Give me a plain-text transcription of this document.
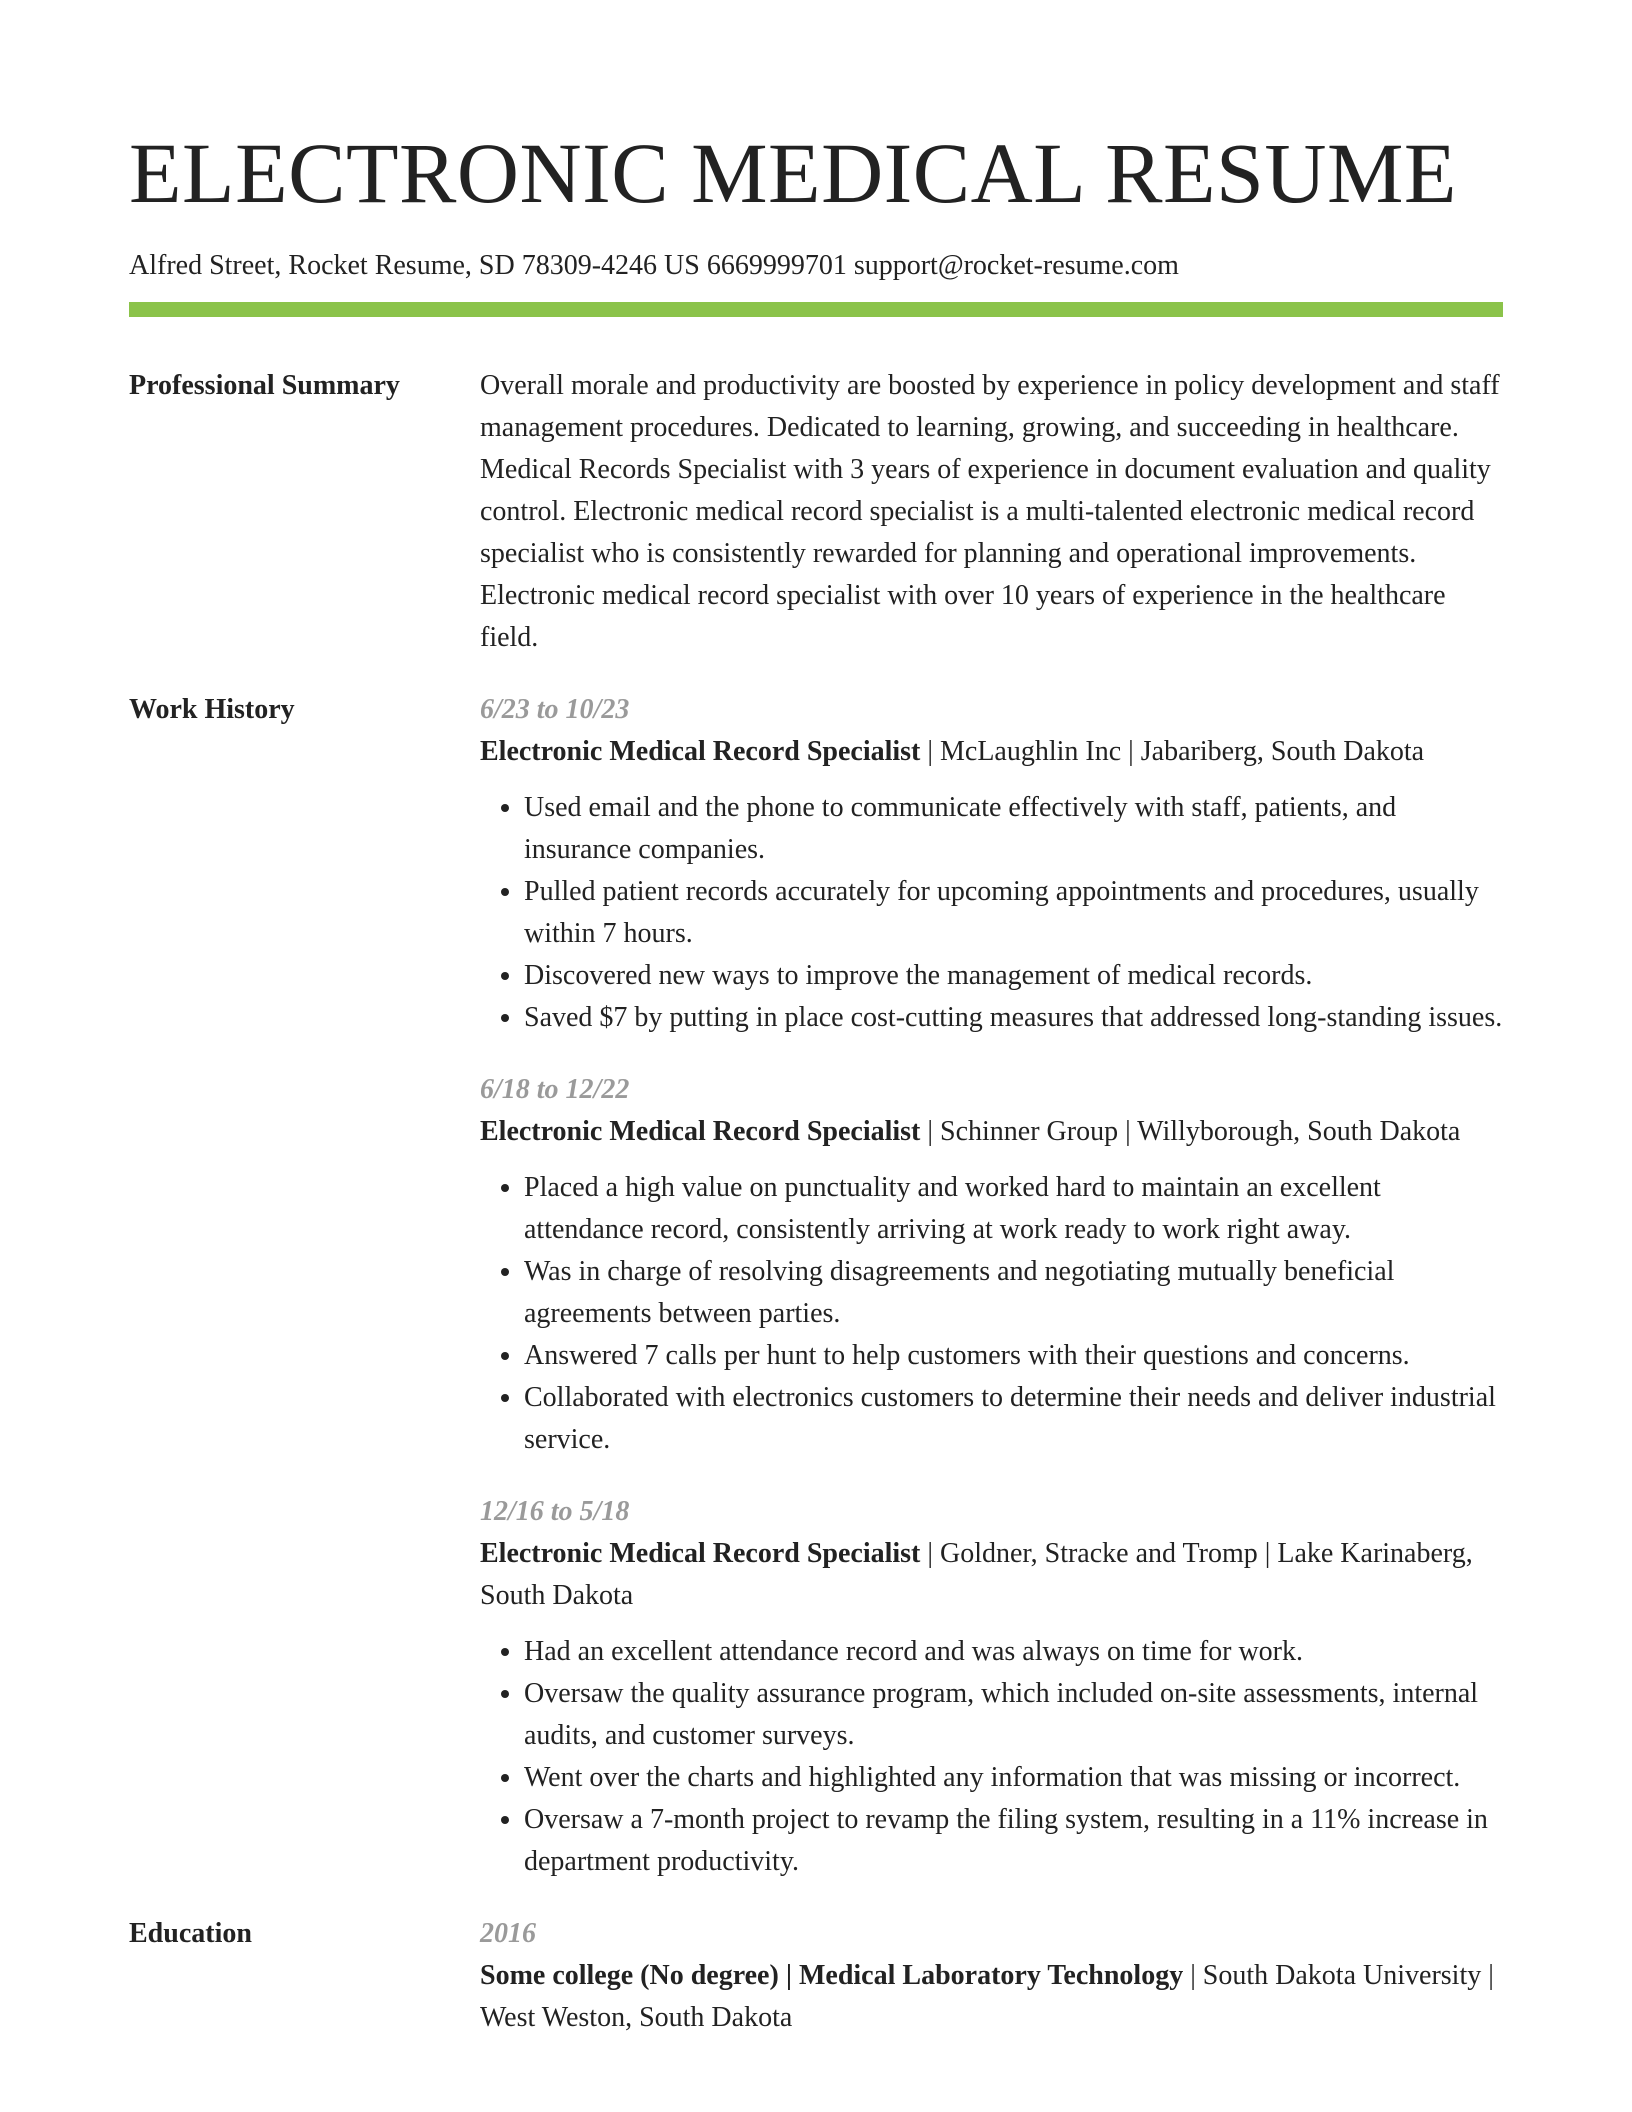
ELECTRONIC MEDICAL RESUME
Alfred Street, Rocket Resume, SD 78309-4246 US 6669999701 support@rocket-resume.com
Professional Summary	Overall morale and productivity are boosted by experience in policy development and staff management procedures. Dedicated to learning, growing, and succeeding in healthcare. Medical Records Specialist with 3 years of experience in document evaluation and quality control. Electronic medical record specialist is a multi-talented electronic medical record specialist who is consistently rewarded for planning and operational improvements. Electronic medical record specialist with over 10 years of experience in the healthcare field.
Work History	6/23 to 10/23
Electronic Medical Record Specialist | McLaughlin Inc | Jabariberg, South Dakota
• Used email and the phone to communicate effectively with staff, patients, and insurance companies.
• Pulled patient records accurately for upcoming appointments and procedures, usually within 7 hours.
• Discovered new ways to improve the management of medical records.
• Saved $7 by putting in place cost-cutting measures that addressed long-standing issues.
6/18 to 12/22
Electronic Medical Record Specialist | Schinner Group | Willyborough, South Dakota
• Placed a high value on punctuality and worked hard to maintain an excellent attendance record, consistently arriving at work ready to work right away.
• Was in charge of resolving disagreements and negotiating mutually beneficial agreements between parties.
• Answered 7 calls per hunt to help customers with their questions and concerns.
• Collaborated with electronics customers to determine their needs and deliver industrial service.
12/16 to 5/18
Electronic Medical Record Specialist | Goldner, Stracke and Tromp | Lake Karinaberg, South Dakota
• Had an excellent attendance record and was always on time for work.
• Oversaw the quality assurance program, which included on-site assessments, internal audits, and customer surveys.
• Went over the charts and highlighted any information that was missing or incorrect.
• Oversaw a 7-month project to revamp the filing system, resulting in a 11% increase in department productivity.
Education	2016
Some college (No degree) | Medical Laboratory Technology | South Dakota University | West Weston, South Dakota
